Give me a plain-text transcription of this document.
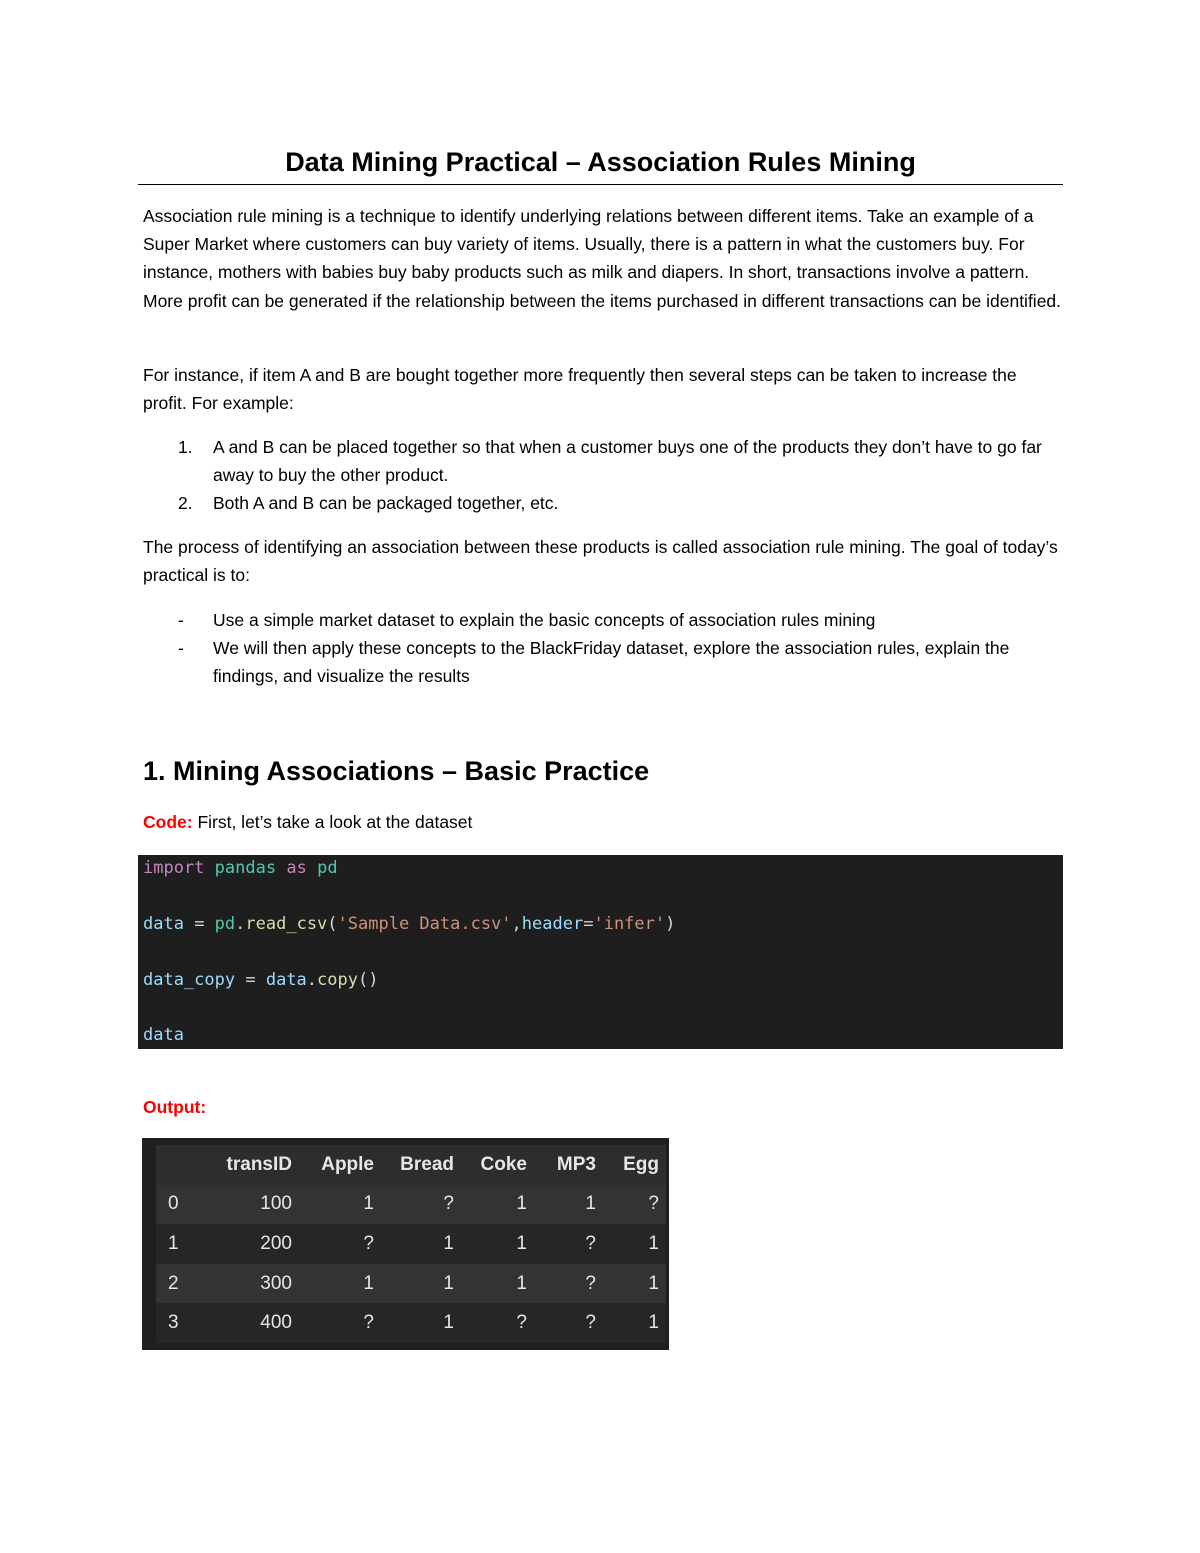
Data Mining Practical – Association Rules Mining

Association rule mining is a technique to identify underlying relations between different items. Take an example of a Super Market where customers can buy variety of items. Usually, there is a pattern in what the customers buy. For instance, mothers with babies buy baby products such as milk and diapers. In short, transactions involve a pattern. More profit can be generated if the relationship between the items purchased in different transactions can be identified.

For instance, if item A and B are bought together more frequently then several steps can be taken to increase the profit. For example:

1. A and B can be placed together so that when a customer buys one of the products they don’t have to go far away to buy the other product.
2. Both A and B can be packaged together, etc.

The process of identifying an association between these products is called association rule mining. The goal of today’s practical is to:

- Use a simple market dataset to explain the basic concepts of association rules mining
- We will then apply these concepts to the BlackFriday dataset, explore the association rules, explain the findings, and visualize the results
1. Mining Associations – Basic Practice

Code: First, let’s take a look at the dataset

import pandas as pd
data = pd.read_csv('Sample Data.csv',header='infer')
data_copy = data.copy()
data
Output:
	transID	Apple	Bread	Coke	MP3	Egg
0	100	1	?	1	1	?
1	200	?	1	1	?	1
2	300	1	1	1	?	1
3	400	?	1	?	?	1
